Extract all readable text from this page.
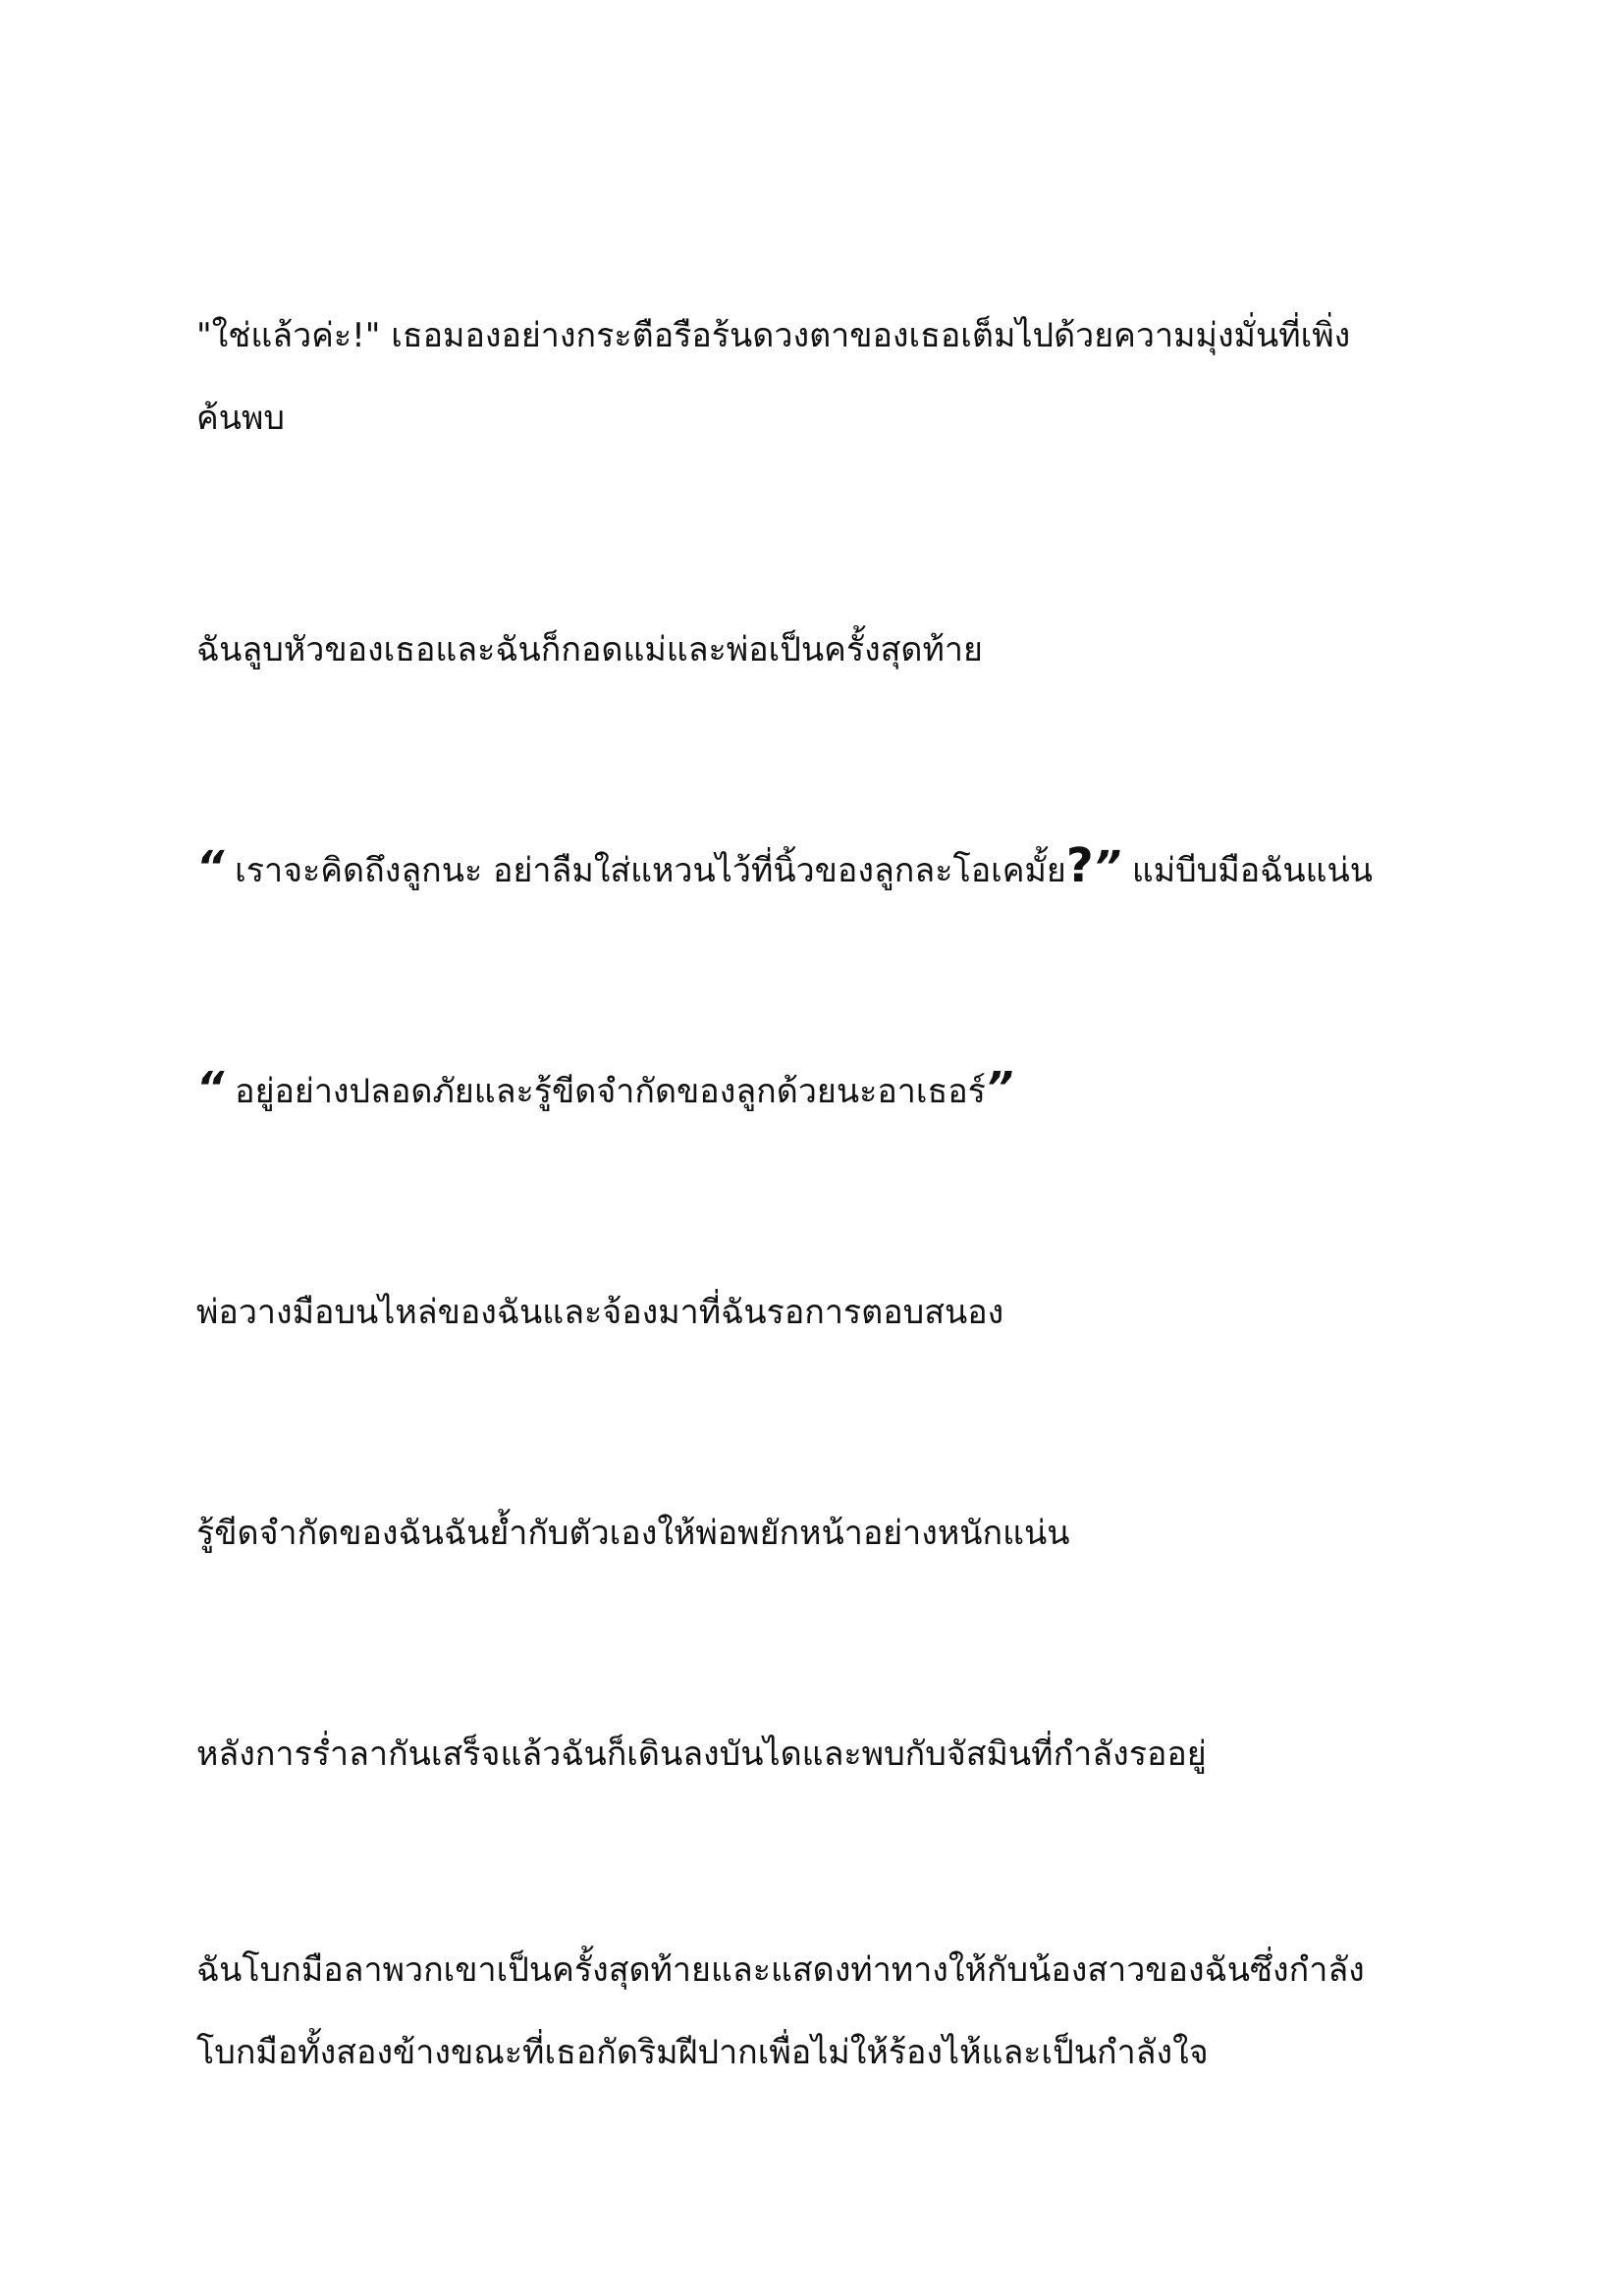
"ใช่แล้วค่ะ!" เธอมองอย่างกระตือรือร้นดวงตาของเธอเต็มไปด้วยความมุ่งมั่นที่เพิ่ง
ค้นพบ

ฉันลูบหัวของเธอและฉันก็กอดแม่และพ่อเป็นครั้งสุดท้าย

“ เราจะคิดถึงลูกนะ อย่าลืมใส่แหวนไว้ที่นิ้วของลูกละโอเคมั้ย?” แม่บีบมือฉันแน่น

“ อยู่อย่างปลอดภัยและรู้ขีดจำกัดของลูกด้วยนะอาเธอร์”

พ่อวางมือบนไหล่ของฉันและจ้องมาที่ฉันรอการตอบสนอง

รู้ขีดจำกัดของฉันฉันย้ำกับตัวเองให้พ่อพยักหน้าอย่างหนักแน่น

หลังการร่ำลากันเสร็จแล้วฉันก็เดินลงบันไดและพบกับจัสมินที่กำลังรออยู่

ฉันโบกมือลาพวกเขาเป็นครั้งสุดท้ายและแสดงท่าทางให้กับน้องสาวของฉันซึ่งกำลัง
โบกมือทั้งสองข้างขณะที่เธอกัดริมฝีปากเพื่อไม่ให้ร้องไห้และเป็นกำลังใจ
